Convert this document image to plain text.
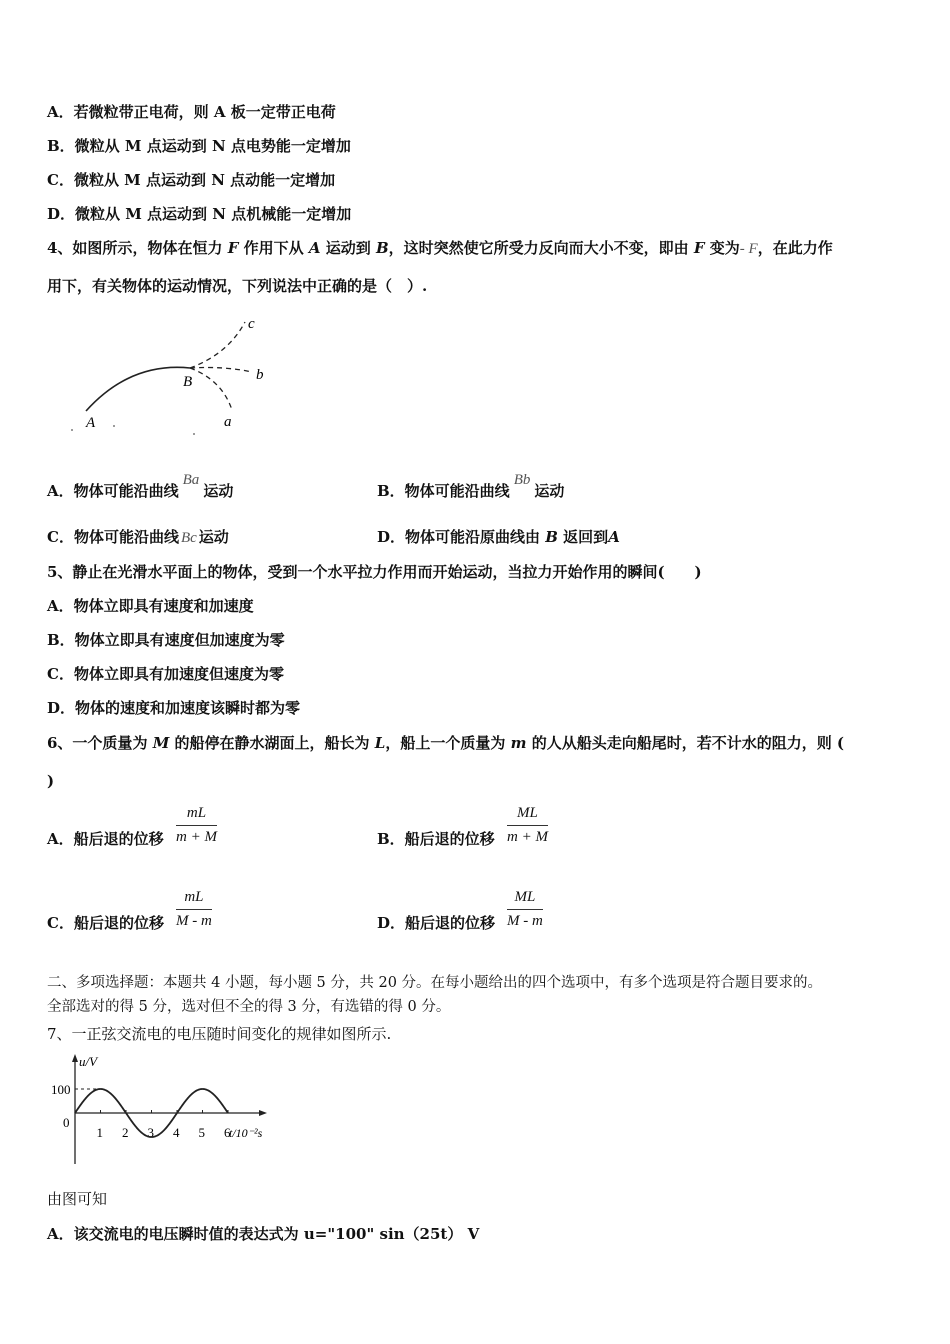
A．若微粒带正电荷，则 A 板一定带正电荷
B．微粒从 M 点运动到 N 点电势能一定增加
C．微粒从 M 点运动到 N 点动能一定增加
D．微粒从 M 点运动到 N 点机械能一定增加
4、如图所示，物体在恒力 F 作用下从 A 运动到 B，这时突然使它所受力反向而大小不变，即由 F 变为- F，在此力作
用下，有关物体的运动情况，下列说法中正确的是（　）.
c
b
B
a
A
A．物体可能沿曲线Ba运动	B．物体可能沿曲线Bb运动
C．物体可能沿曲线 Bc 运动	D．物体可能沿原曲线由 B 返回到A
5、静止在光滑水平面上的物体，受到一个水平拉力作用而开始运动，当拉力开始作用的瞬间(　　)
A．物体立即具有速度和加速度
B．物体立即具有速度但加速度为零
C．物体立即具有加速度但速度为零
D．物体的速度和加速度该瞬时都为零
6、一个质量为 M 的船停在静水湖面上，船长为 L，船上一个质量为 m 的人从船头走向船尾时，若不计水的阻力，则 (
)
A．船后退的位移 $\frac{mL}{m + M}$	B．船后退的位移 $\frac{ML}{m + M}$
C．船后退的位移 $\frac{mL}{M - m}$	D．船后退的位移 $\frac{ML}{M - m}$
二、多项选择题：本题共 4 小题，每小题 5 分，共 20 分。在每小题给出的四个选项中，有多个选项是符合题目要求的。
全部选对的得 5 分，选对但不全的得 3 分，有选错的得 0 分。
7、一正弦交流电的电压随时间变化的规律如图所示.
u/V
t/10⁻²s
100
0
1 2 3 4 5 6
由图可知
A．该交流电的电压瞬时值的表达式为 u="100" sin（25t） V
